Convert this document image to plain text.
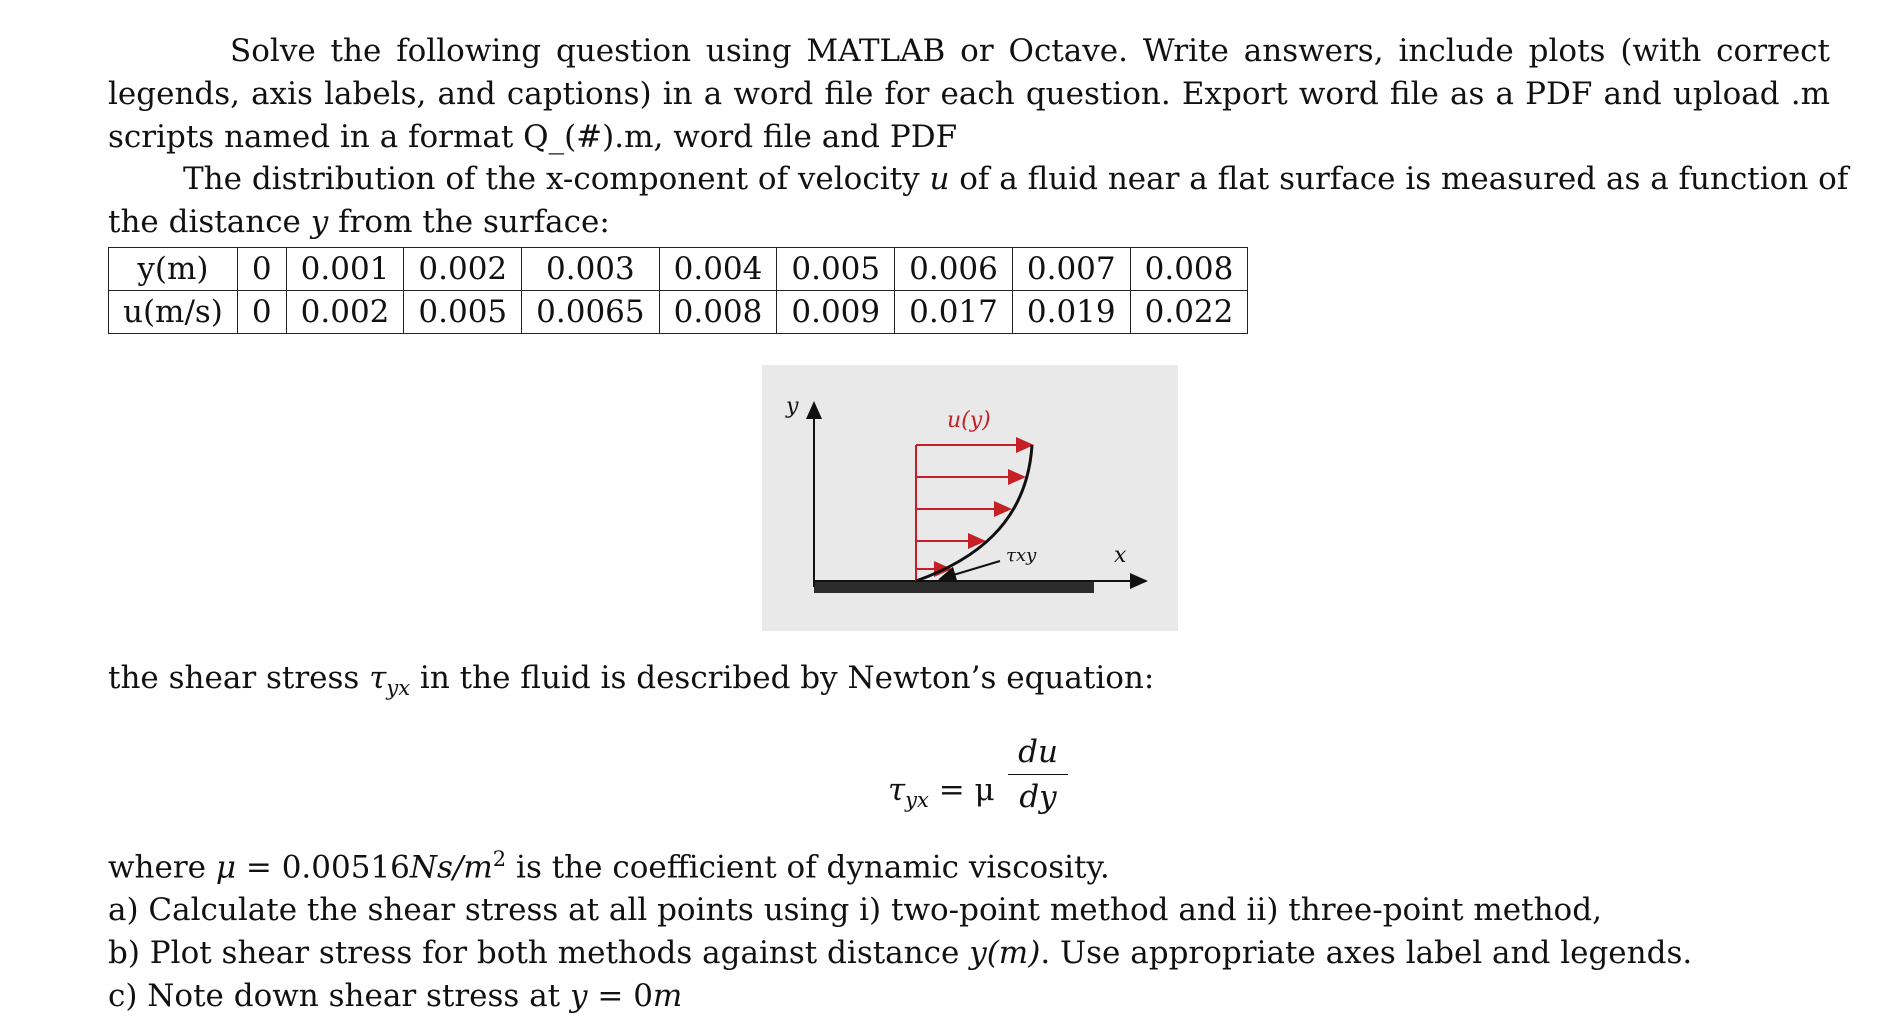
Solve the following question using MATLAB or Octave. Write answers, include plots (with correct
legends, axis labels, and captions) in a word file for each question. Export word file as a PDF and upload .m
scripts named in a format Q_(#).m, word file and PDF
The distribution of the x-component of velocity u of a fluid near a flat surface is measured as a function of
the distance y from the surface:
y(m)	0	0.001	0.002	0.003	0.004	0.005	0.006	0.007	0.008
u(m/s)	0	0.002	0.005	0.0065	0.008	0.009	0.017	0.019	0.022
y
u(y)
τxy	x
the shear stress $\tau_{yx}$ in the fluid is described by Newton’s equation:
$\tau_{yx} = \mu$
du
dy
where $\mu = 0.00516Ns/m^2$ is the coefficient of dynamic viscosity.
a) Calculate the shear stress at all points using i) two-point method and ii) three-point method,
b) Plot shear stress for both methods against distance y(m). Use appropriate axes label and legends.
c) Note down shear stress at y = 0m
